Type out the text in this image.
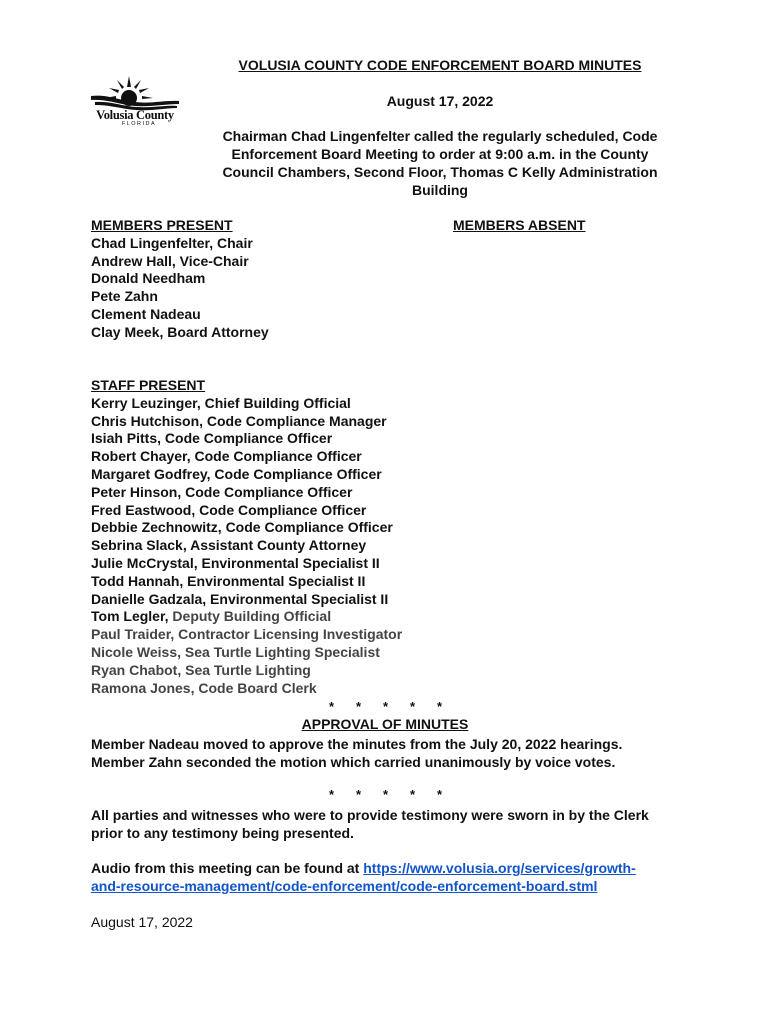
Volusia County
FLORIDA
VOLUSIA COUNTY CODE ENFORCEMENT BOARD MINUTES
August 17, 2022
Chairman Chad Lingenfelter called the regularly scheduled, Code
Enforcement Board Meeting to order at 9:00 a.m. in the County
Council Chambers, Second Floor, Thomas C Kelly Administration
Building
MEMBERS PRESENT
Chad Lingenfelter, Chair
Andrew Hall, Vice-Chair
Donald Needham
Pete Zahn
Clement Nadeau
Clay Meek, Board Attorney
MEMBERS ABSENT
STAFF PRESENT
Kerry Leuzinger, Chief Building Official
Chris Hutchison, Code Compliance Manager
Isiah Pitts, Code Compliance Officer
Robert Chayer, Code Compliance Officer
Margaret Godfrey, Code Compliance Officer
Peter Hinson, Code Compliance Officer
Fred Eastwood, Code Compliance Officer
Debbie Zechnowitz, Code Compliance Officer
Sebrina Slack, Assistant County Attorney
Julie McCrystal, Environmental Specialist II
Todd Hannah, Environmental Specialist II
Danielle Gadzala, Environmental Specialist II
Tom Legler, Deputy Building Official
Paul Traider, Contractor Licensing Investigator
Nicole Weiss, Sea Turtle Lighting Specialist
Ryan Chabot, Sea Turtle Lighting
Ramona Jones, Code Board Clerk
* * * * *
APPROVAL OF MINUTES
Member Nadeau moved to approve the minutes from the July 20, 2022 hearings.
Member Zahn seconded the motion which carried unanimously by voice votes.
* * * * *
All parties and witnesses who were to provide testimony were sworn in by the Clerk
prior to any testimony being presented.
Audio from this meeting can be found at https://www.volusia.org/services/growth-
and-resource-management/code-enforcement/code-enforcement-board.stml
August 17, 2022
